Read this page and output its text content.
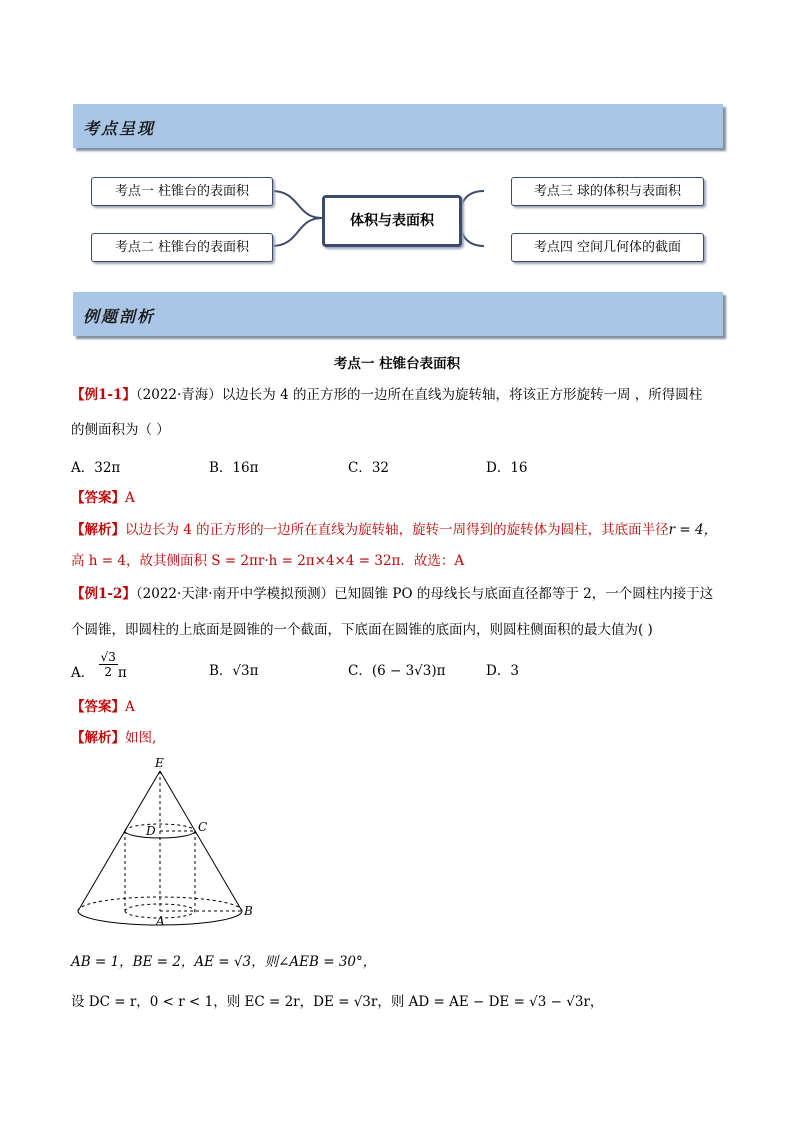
考点呈现
考点一 柱锥台的表面积
考点二 柱锥台的表面积
体积与表面积
考点三 球的体积与表面积
考点四 空间几何体的截面
例题剖析
考点一 柱锥台表面积
【例1-1】（2022·青海）以边长为 4 的正方形的一边所在直线为旋转轴，将该正方形旋转一周 ，所得圆柱
的侧面积为（ ）
A．32π	B．16π	C．32	D．16
【答案】A
【解析】以边长为 4 的正方形的一边所在直线为旋转轴，旋转一周得到的旋转体为圆柱，其底面半径r = 4，
高 h = 4，故其侧面积 S = 2πr·h = 2π×4×4 = 32π．故选：A
【例1-2】（2022·天津·南开中学模拟预测）已知圆锥 PO 的母线长与底面直径都等于 2，一个圆柱内接于这
个圆锥，即圆柱的上底面是圆锥的一个截面，下底面在圆锥的底面内，则圆柱侧面积的最大值为( )
A． $\frac{√3}{2}$ π	B．√3π	C．(6 − 3√3)π	D．3
【答案】A
【解析】如图,
E
D	C
A
B
AB = 1，BE = 2，AE = √3，则∠AEB = 30°，
设 DC = r，0 < r < 1，则 EC = 2r，DE = √3r，则 AD = AE − DE = √3 − √3r，
